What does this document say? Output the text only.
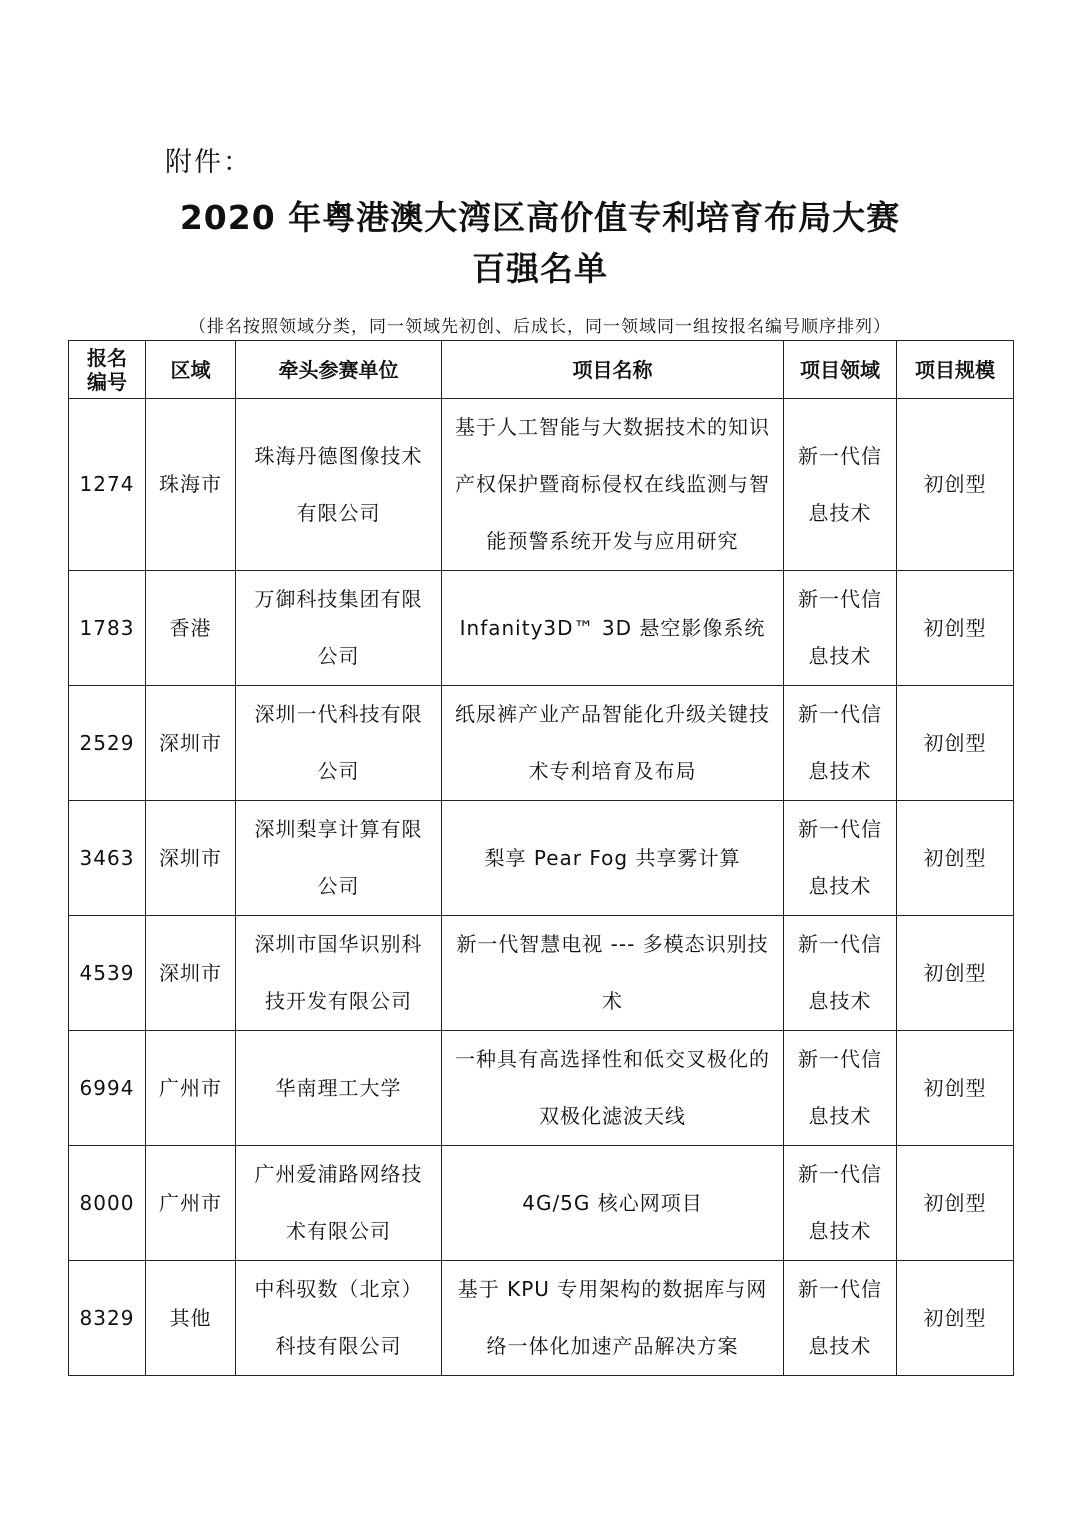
附件：
2020 年粤港澳大湾区高价值专利培育布局大赛
百强名单
（排名按照领域分类，同一领域先初创、后成长，同一领域同一组按报名编号顺序排列）
报名
编号	区域	牵头参赛单位	项目名称	项目领域	项目规模
1274	珠海市	珠海丹德图像技术有限公司	基于人工智能与大数据技术的知识产权保护暨商标侵权在线监测与智能预警系统开发与应用研究	新一代信息技术	初创型
1783	香港	万御科技集团有限公司	Infanity3D™ 3D 悬空影像系统	新一代信息技术	初创型
2529	深圳市	深圳一代科技有限公司	纸尿裤产业产品智能化升级关键技术专利培育及布局	新一代信息技术	初创型
3463	深圳市	深圳梨享计算有限公司	梨享 Pear Fog 共享雾计算	新一代信息技术	初创型
4539	深圳市	深圳市国华识别科技开发有限公司	新一代智慧电视 --- 多模态识别技术	新一代信息技术	初创型
6994	广州市	华南理工大学	一种具有高选择性和低交叉极化的双极化滤波天线	新一代信息技术	初创型
8000	广州市	广州爱浦路网络技术有限公司	4G/5G 核心网项目	新一代信息技术	初创型
8329	其他	中科驭数（北京）科技有限公司	基于 KPU 专用架构的数据库与网络一体化加速产品解决方案	新一代信息技术	初创型
